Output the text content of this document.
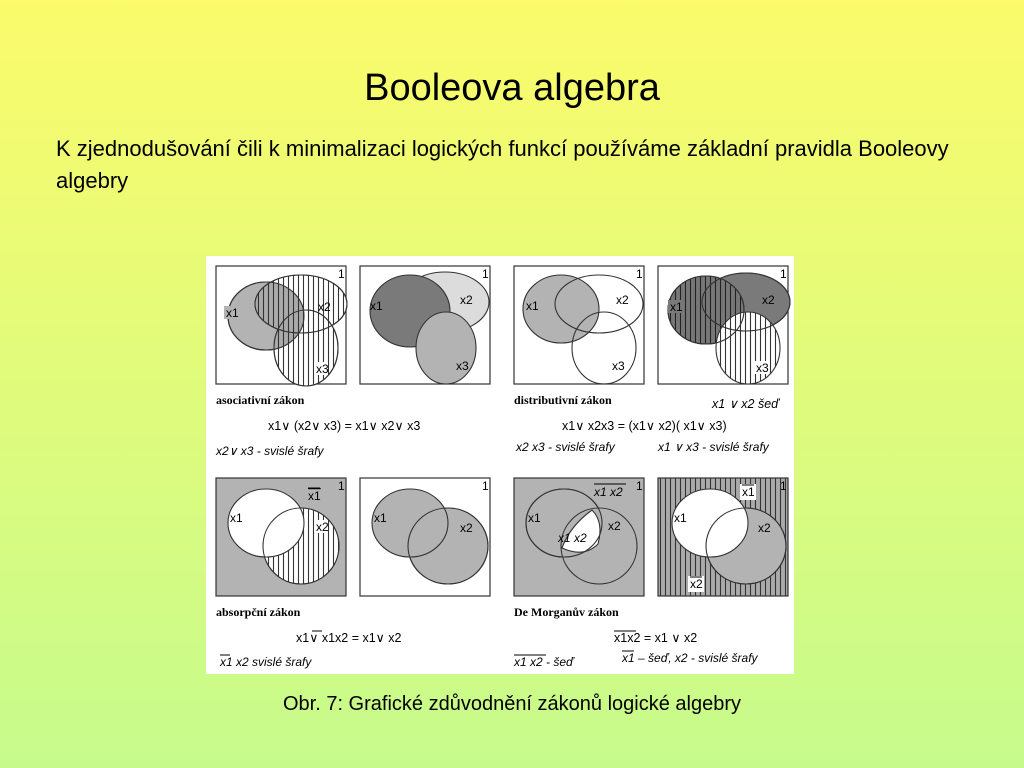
Booleova algebra
K zjednodušování čili k minimalizaci logických funkcí používáme základní pravidla Booleovy algebry
x1	x2
x3
1
x1	x2
x3
1
x1	x2
x3
1
x1	x2
x3
1
asociativní zákon
x1∨ (x2∨ x3) = x1∨ x2∨ x3
x2∨ x3 - svislé šrafy
distributivní zákon	x1 ∨ x2 šeď
x1∨ x2x3 = (x1∨ x2)( x1∨ x3)
x2 x3 - svislé šrafy	x1 ∨ x3 - svislé šrafy
x1
x2
x1
1
x1
x2
1
x1
x2
x1 x2
x1 x2 1
x1
x2
x1
x2
1
absorpční zákon
x1∨ x1x2 = x1∨ x2
x1 x2 svislé šrafy
De Morganův zákon
x1x2 = x1 ∨ x2
x1 x2 - šeď	x1 – šeď, x2 - svislé šrafy
Obr. 7: Grafické zdůvodnění zákonů logické algebry
